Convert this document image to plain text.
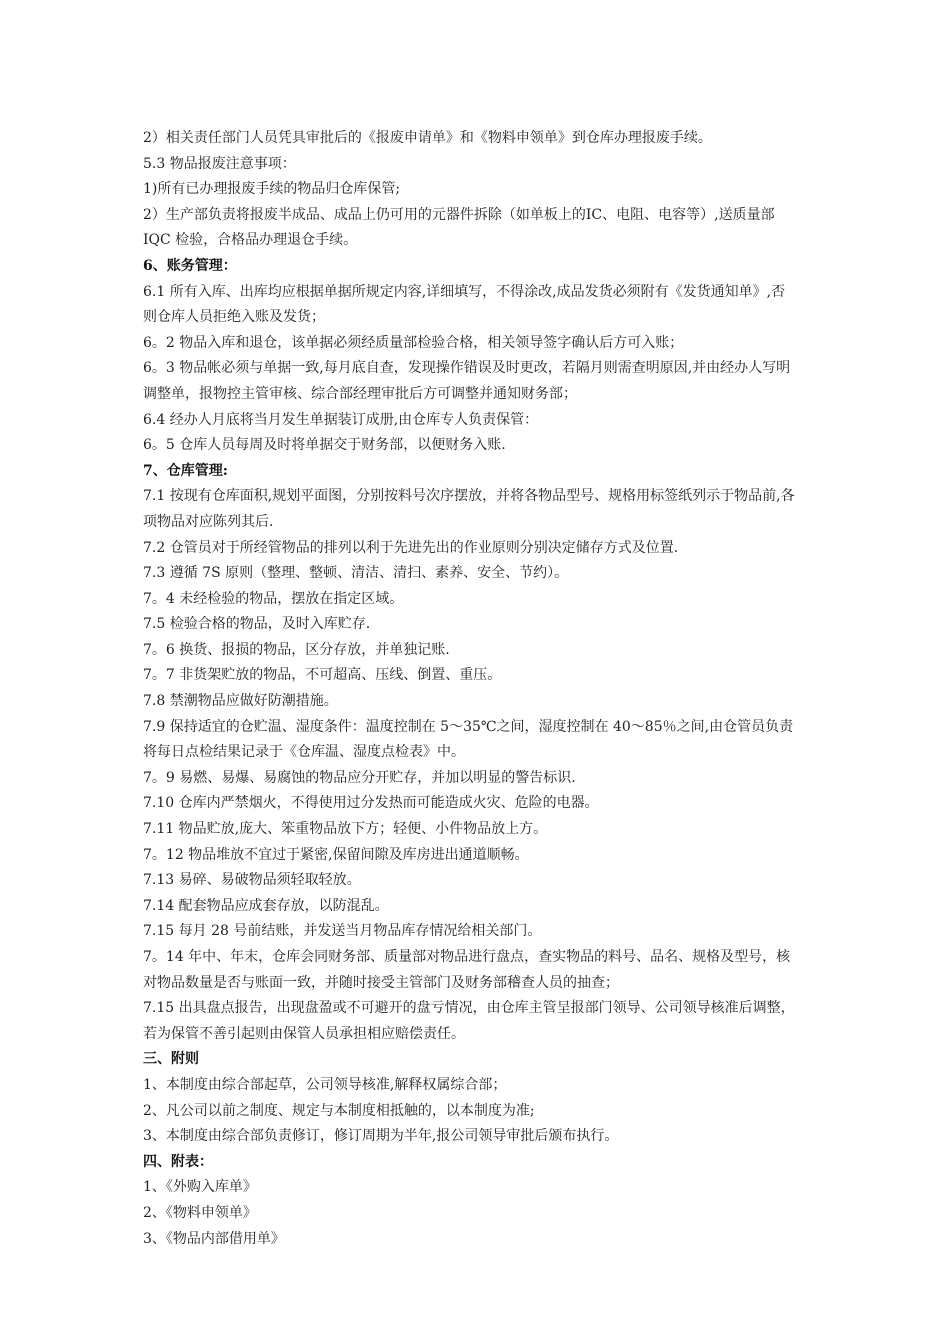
2）相关责任部门人员凭具审批后的《报废申请单》和《物料申领单》到仓库办理报废手续。
5.3 物品报废注意事项：
1)所有已办理报废手续的物品归仓库保管;
2）生产部负责将报废半成品、成品上仍可用的元器件拆除（如单板上的IC、电阻、电容等）,送质量部
IQC 检验，合格品办理退仓手续。
6、账务管理：
6.1 所有入库、出库均应根据单据所规定内容,详细填写，不得涂改,成品发货必须附有《发货通知单》,否
则仓库人员拒绝入账及发货；
6。2 物品入库和退仓，该单据必须经质量部检验合格，相关领导签字确认后方可入账；
6。3 物品帐必须与单据一致,每月底自查，发现操作错误及时更改，若隔月则需查明原因,并由经办人写明
调整单，报物控主管审核、综合部经理审批后方可调整并通知财务部；
6.4 经办人月底将当月发生单据装订成册,由仓库专人负责保管：
6。5 仓库人员每周及时将单据交于财务部，以便财务入账.
7、仓库管理:
7.1 按现有仓库面积,规划平面图，分别按料号次序摆放，并将各物品型号、规格用标签纸列示于物品前,各
项物品对应陈列其后.
7.2 仓管员对于所经管物品的排列以利于先进先出的作业原则分别决定储存方式及位置.
7.3 遵循 7S 原则（整理、整顿、清洁、清扫、素养、安全、节约）。
7。4 未经检验的物品，摆放在指定区域。
7.5 检验合格的物品，及时入库贮存.
7。6 换货、报损的物品，区分存放，并单独记账.
7。7 非货架贮放的物品，不可超高、压线、倒置、重压。
7.8 禁潮物品应做好防潮措施。
7.9 保持适宜的仓贮温、湿度条件：温度控制在 5～35℃之间，湿度控制在 40～85％之间,由仓管员负责
将每日点检结果记录于《仓库温、湿度点检表》中。
7。9 易燃、易爆、易腐蚀的物品应分开贮存，并加以明显的警告标识.
7.10 仓库内严禁烟火，不得使用过分发热而可能造成火灾、危险的电器。
7.11 物品贮放,庞大、笨重物品放下方；轻便、小件物品放上方。
7。12 物品堆放不宜过于紧密,保留间隙及库房进出通道顺畅。
7.13 易碎、易破物品须轻取轻放。
7.14 配套物品应成套存放，以防混乱。
7.15 每月 28 号前结账，并发送当月物品库存情况给相关部门。
7。14 年中、年末，仓库会同财务部、质量部对物品进行盘点，查实物品的料号、品名、规格及型号，核
对物品数量是否与账面一致，并随时接受主管部门及财务部稽查人员的抽查；
7.15 出具盘点报告，出现盘盈或不可避开的盘亏情况，由仓库主管呈报部门领导、公司领导核准后调整，
若为保管不善引起则由保管人员承担相应赔偿责任。
三、附则
1、本制度由综合部起草，公司领导核准,解释权属综合部；
2、凡公司以前之制度、规定与本制度相抵触的，以本制度为准;
3、本制度由综合部负责修订，修订周期为半年,报公司领导审批后颁布执行。
四、附表：
1、《外购入库单》
2、《物料申领单》
3、《物品内部借用单》
